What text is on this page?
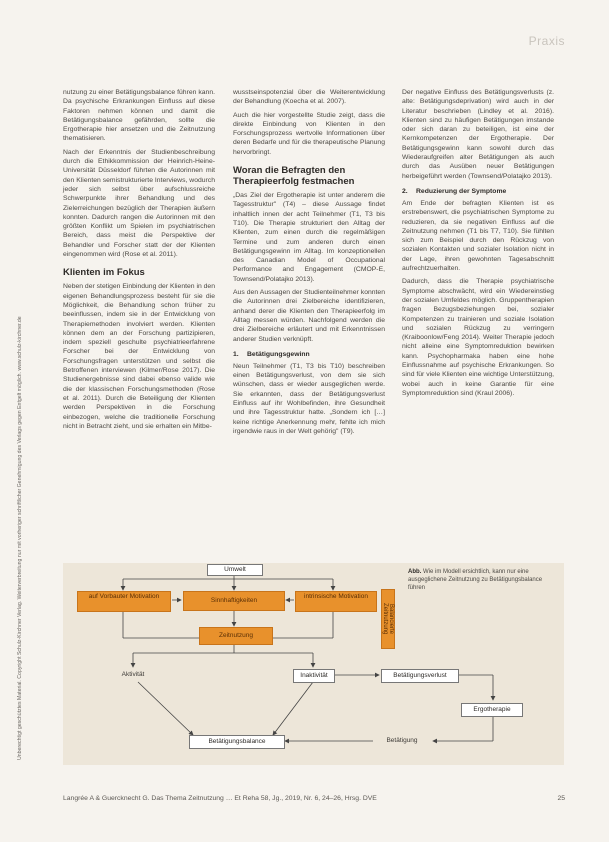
Unberechtigt geschütztes Material. Copyright Schulz-Kirchner Verlag. Weiterverbreitung nur mit vorheriger schriftlicher Genehmigung des Verlags gegen Entgelt möglich. www.schulz-kirchner.de
Praxis

nutzung zu einer Betätigungsbalance führen kann. Da psychische Erkrankungen Einfluss auf diese Faktoren nehmen können und damit die Betätigungsbalance gefährden, sollte die Ergotherapie hier ansetzen und die Zeitnutzung thematisieren.

Nach der Erkenntnis der Studienbeschreibung durch die Ethikkommission der Heinrich-Heine-Universität Düsseldorf führten die Autorinnen mit den Klienten semistrukturierte Interviews, wodurch jeder sich selbst über aufschlussreiche Schwerpunkte ihrer Behandlung und des Zielerreichungen bezüglich der Therapien äußern konnten. Dadurch rangen die Autorinnen mit den größten Konflikt um Spielen im psychiatrischen Bereich, dass meist die Perspektive der Behandler und Forscher statt der der Klienten eingenommen wird (Rose et al. 2011).

Klienten im Fokus

Neben der stetigen Einbindung der Klienten in den eigenen Behandlungsprozess besteht für sie die Möglichkeit, die Behandlung schon früher zu beeinflussen, indem sie in der Entwicklung von Therapiemethoden involviert werden. Klienten können dem an der Forschung partizipieren, indem speziell geschulte psychiatrieerfahrene Forscher bei der Entwicklung von Forschungsfragen unterstützen und selbst die Betroffenen interviewen (Kilmer/Rose 2017). Die Studienergebnisse sind dabei ebenso valide wie die der klassischen Forschungsmethoden (Rose et al. 2011). Durch die Beteiligung der Klienten werden Perspektiven in die Forschung einbezogen, welche die traditionelle Forschung nicht in Betracht zieht, und sie erhalten ein Mitbe-

wusstseinspotenzial über die Weiterentwicklung der Behandlung (Koecha et al. 2007).

Auch die hier vorgestellte Studie zeigt, dass die direkte Einbindung von Klienten in den Forschungsprozess wertvolle Informationen über deren Bedarfe und für die therapeutische Planung hervorbringt.

Woran die Befragten den Therapieerfolg festmachen

„Das Ziel der Ergotherapie ist unter anderem die Tagesstruktur" (T4) – diese Aussage findet inhaltlich innen der acht Teilnehmer (T1, T3 bis T10). Die Therapie strukturiert den Alltag der Klienten, zum einen durch die regelmäßigen Termine und zum anderen durch einen Betätigungsgewinn im Alltag. Im konzeptionellen des Canadian Model of Occupational Performance and Engagement (CMOP-E, Townsend/Polatajko 2013).

Aus den Aussagen der Studienteilnehmer konnten die Autorinnen drei Zielbereiche identifizieren, anhand derer die Klienten den Therapieerfolg im Alltag messen würden. Nachfolgend werden die drei Zielbereiche erläutert und mit Erkenntnissen anderer Studien verknüpft.

1. Betätigungsgewinn

Neun Teilnehmer (T1, T3 bis T10) beschreiben einen Betätigungsverlust, von dem sie sich wünschen, dass er wieder ausgeglichen werde. Sie erkannten, dass der Betätigungsverlust Einfluss auf ihr Wohlbefinden, ihre Gesundheit und ihre Tagesstruktur hatte. „Sondern ich […] keine richtige Anerkennung mehr, fehlte ich mich irgendwie raus in der Welt gehörig" (T9).

Der negative Einfluss des Betätigungsverlusts (z. alte: Betätigungsdeprivation) wird auch in der Literatur beschrieben (Lindley et al. 2016). Klienten sind zu häufigen Betätigungen imstande oder sich daran zu beteiligen, ist eine der Kernkompetenzen der Ergotherapie. Der Betätigungsgewinn kann sowohl durch das Wiederaufgreifen alter Betätigungen als auch durch das Ausüben neuer Betätigungen herbeigeführt werden (Townsend/Polatajko 2013).

2. Reduzierung der Symptome

Am Ende der befragten Klienten ist es erstrebenswert, die psychiatrischen Symptome zu reduzieren, da sie negativen Einfluss auf die Zeitnutzung nehmen (T1 bis T7, T10). Sie fühlten sich zum Beispiel durch den Rückzug von sozialen Kontakten und sozialer Isolation nicht in der Lage, ihren gewohnten Tagesabschnitt aufrechtzuerhalten.

Dadurch, dass die Therapie psychiatrische Symptome abschwächt, wird ein Wiedereinstieg der sozialen Umfeldes möglich. Gruppentherapien fragen Bezugsbeziehungen bei, sozialer Kompetenzen zu trainieren und soziale Isolation und sozialen Rückzug zu verringern (Kraiboonlow/Feng 2014). Weiter Therapie jedoch nicht alleine eine Symptomreduktion bewirken kann. Psychopharmaka haben eine hohe Einflussnahme auf psychische Erkrankungen. So sind für viele Klienten eine wichtige Unterstützung, wobei auch in keine Garantie für eine Symptomreduktion sind (Kraul 2006).

Umwelt
auf Vorbauter Motivation
Sinnhaftigkeiten
intrinsische Motivation
Balancierte Zeitnutzung
Zeitnutzung
Aktivität	Inaktivität	Betätigungsverlust
Ergotherapie
Betätigungsbalance	Betätigung
Abb. Wie im Modell ersichtlich, kann nur eine ausgeglichene Zeitnutzung zu Betätigungsbalance führen
Langrée A & Guercknecht G. Das Thema Zeitnutzung … Et Reha 58, Jg., 2019, Nr. 6, 24–26, Hrsg. DVE	25
